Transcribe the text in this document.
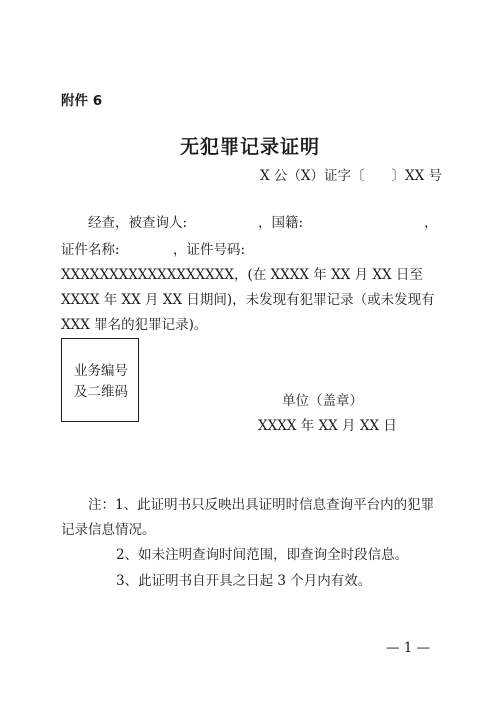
附件 6
无犯罪记录证明
X 公（X）证字〔　　〕XX 号
经查，被查询人:	，国籍:	，
证件名称:	，证件号码:
XXXXXXXXXXXXXXXXXX，(在 XXXX 年 XX 月 XX 日至
XXXX 年 XX 月 XX 日期间)，未发现有犯罪记录（或未发现有
XXX 罪名的犯罪记录)。
业务编号
及二维码
单位（盖章）
XXXX 年 XX 月 XX 日
注：1、此证明书只反映出具证明时信息查询平台内的犯罪
记录信息情况。
2、如未注明查询时间范围，即查询全时段信息。
3、此证明书自开具之日起 3 个月内有效。
— 1 —
